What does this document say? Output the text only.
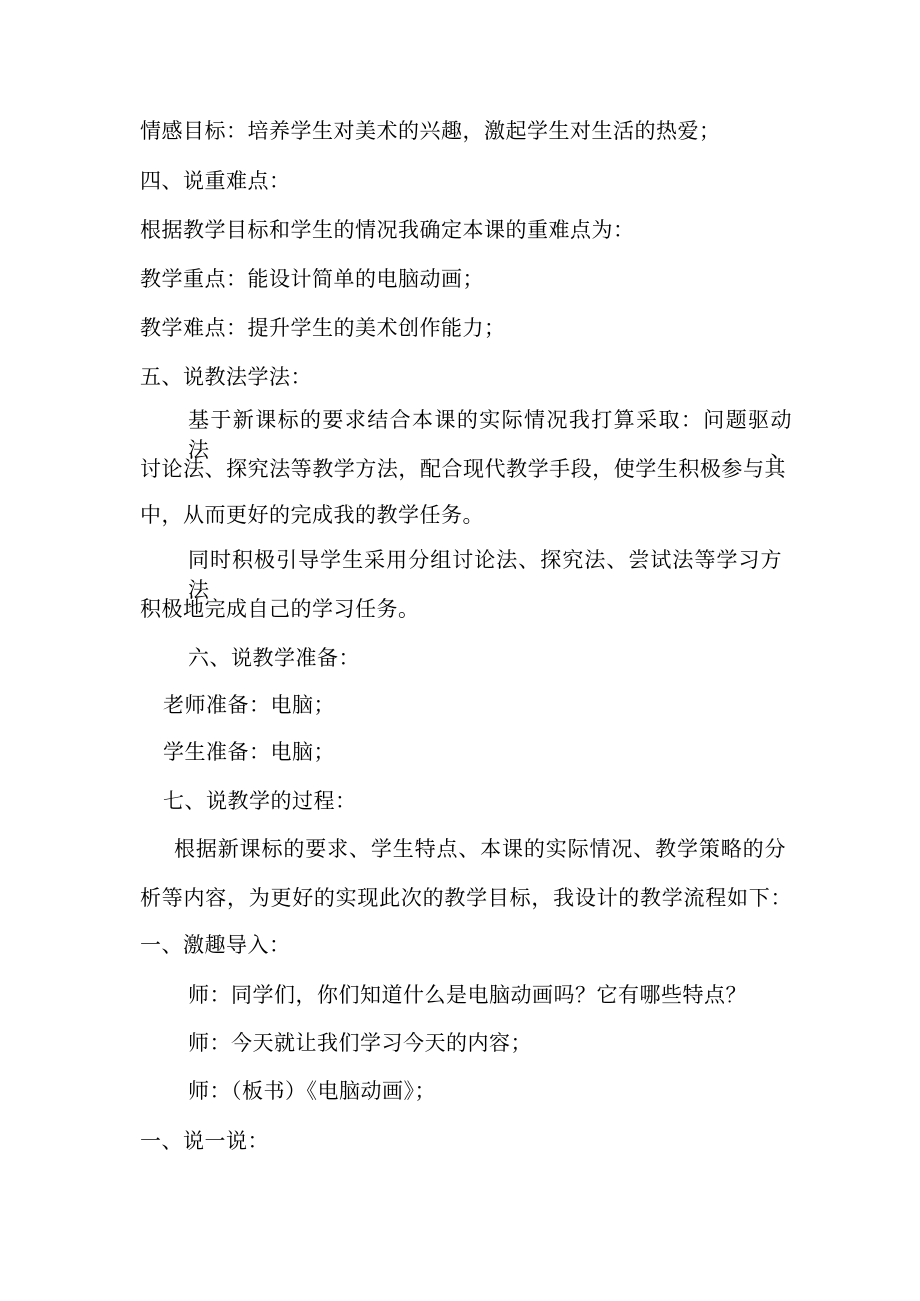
情感目标：培养学生对美术的兴趣，激起学生对生活的热爱；
四、说重难点：
根据教学目标和学生的情况我确定本课的重难点为：
教学重点：能设计简单的电脑动画；
教学难点：提升学生的美术创作能力；
五、说教法学法：
基于新课标的要求结合本课的实际情况我打算采取：问题驱动法、
讨论法、探究法等教学方法，配合现代教学手段，使学生积极参与其
中，从而更好的完成我的教学任务。
同时积极引导学生采用分组讨论法、探究法、尝试法等学习方法
积极地完成自己的学习任务。
六、说教学准备：
老师准备：电脑；
学生准备：电脑；
七、说教学的过程：
根据新课标的要求、学生特点、本课的实际情况、教学策略的分
析等内容，为更好的实现此次的教学目标，我设计的教学流程如下：
一、激趣导入：
师：同学们，你们知道什么是电脑动画吗？它有哪些特点？
师：今天就让我们学习今天的内容；
师：（板书）《电脑动画》；
一、说一说：
